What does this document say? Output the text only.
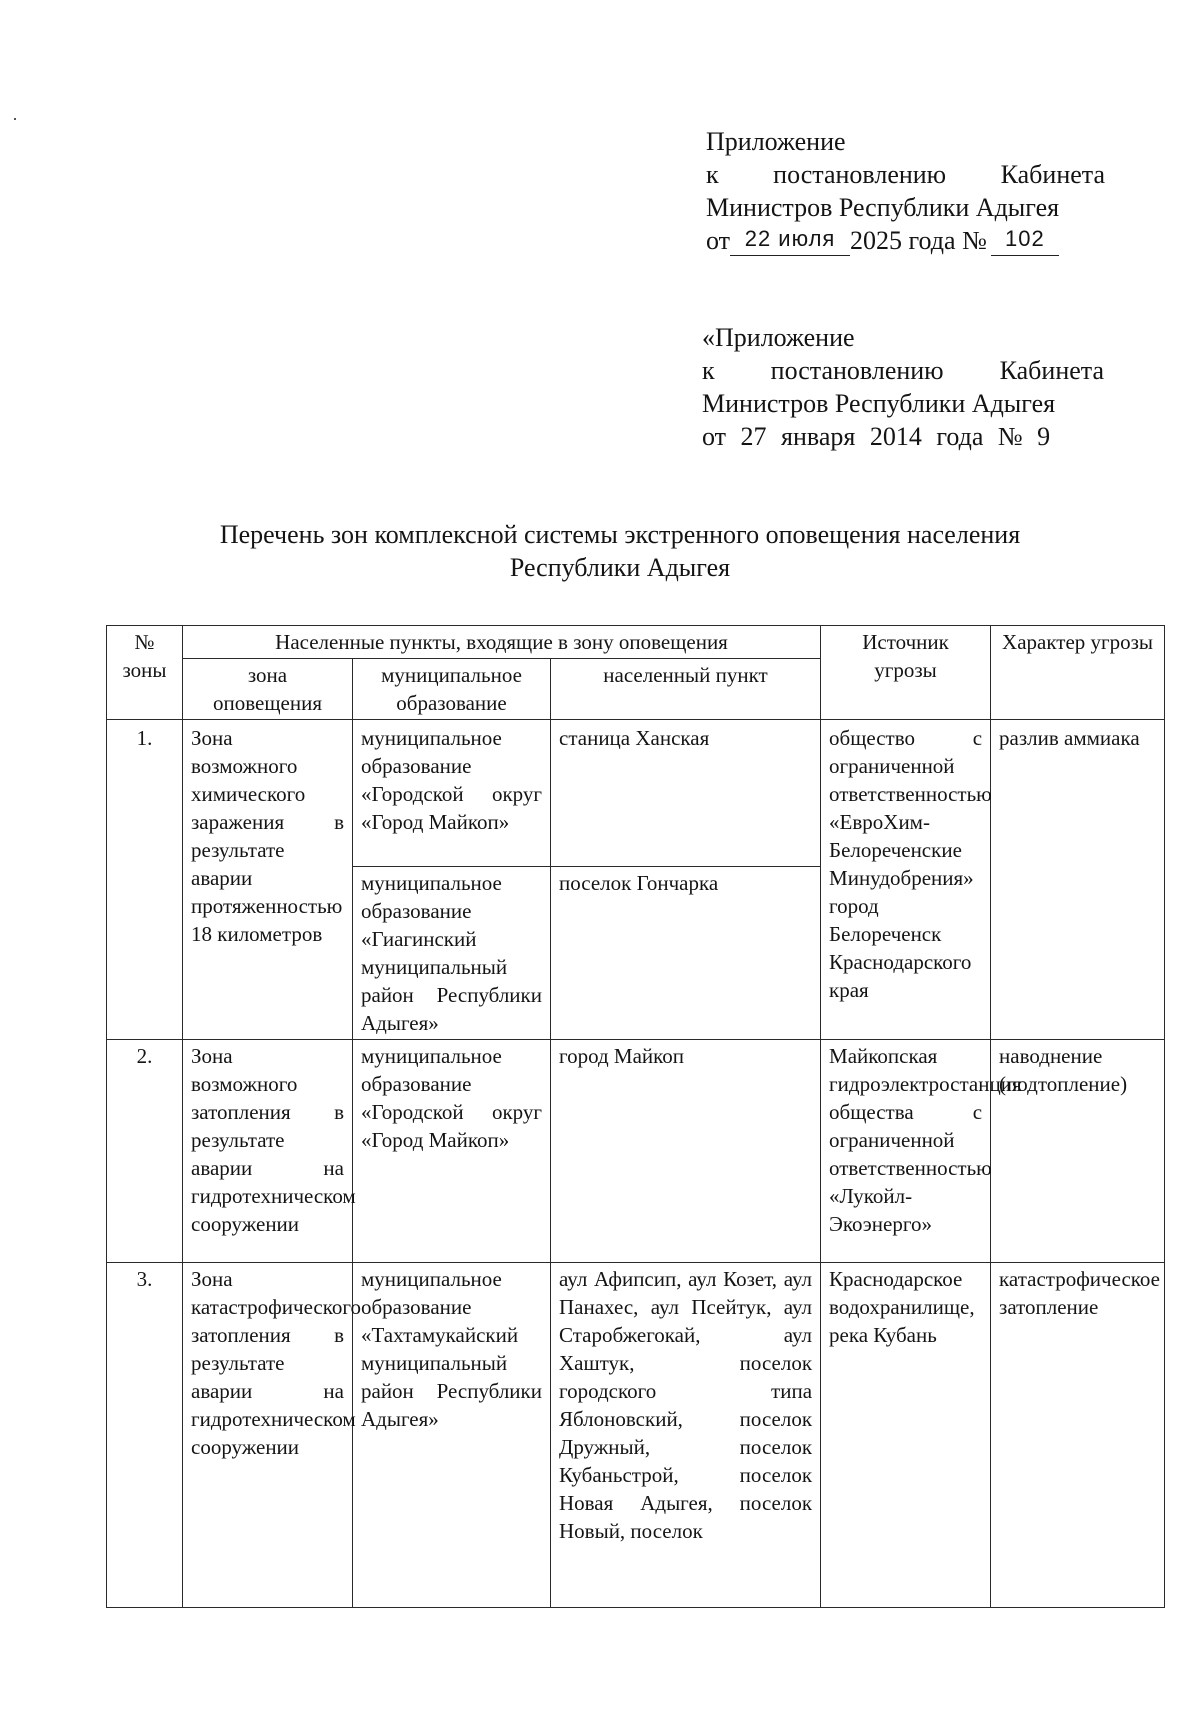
Приложение
к постановлению Кабинета
Министров Республики Адыгея
от 22 июля 2025 года № 102
«Приложение
к постановлению Кабинета
Министров Республики Адыгея
от 27 января 2014 года № 9
Перечень зон комплексной системы экстренного оповещения населения
Республики Адыгея
№ зоны	Населенные пункты, входящие в зону оповещения			Источник угрозы	Характер угрозы
	зона оповещения	муниципальное образование	населенный пункт		
1.	Зона возможного химического заражения в результате аварии протяженностью 18 километров	муниципальное образование «Городской округ «Город Майкоп»	станица Ханская	общество с ограниченной ответственностью «ЕвроХим-Белореченские Минудобрения» город Белореченск Краснодарского края	разлив аммиака
		муниципальное образование «Гиагинский муниципальный район Республики Адыгея»	поселок Гончарка		
2.	Зона возможного затопления в результате аварии на гидротехническом сооружении	муниципальное образование «Городской округ «Город Майкоп»	город Майкоп	Майкопская гидроэлектростанция общества с ограниченной ответственностью «Лукойл-Экоэнерго»	наводнение (подтопление)
3.	Зона катастрофического затопления в результате аварии на гидротехническом сооружении	муниципальное образование «Тахтамукайский муниципальный район Республики Адыгея»	аул Афипсип, аул Козет, аул Панахес, аул Псейтук, аул Старобжегокай, аул Хаштук, поселок городского типа Яблоновский, поселок Дружный, поселок Кубаньстрой, поселок Новая Адыгея, поселок Новый, поселок	Краснодарское водохранилище, река Кубань	катастрофическое затопление
